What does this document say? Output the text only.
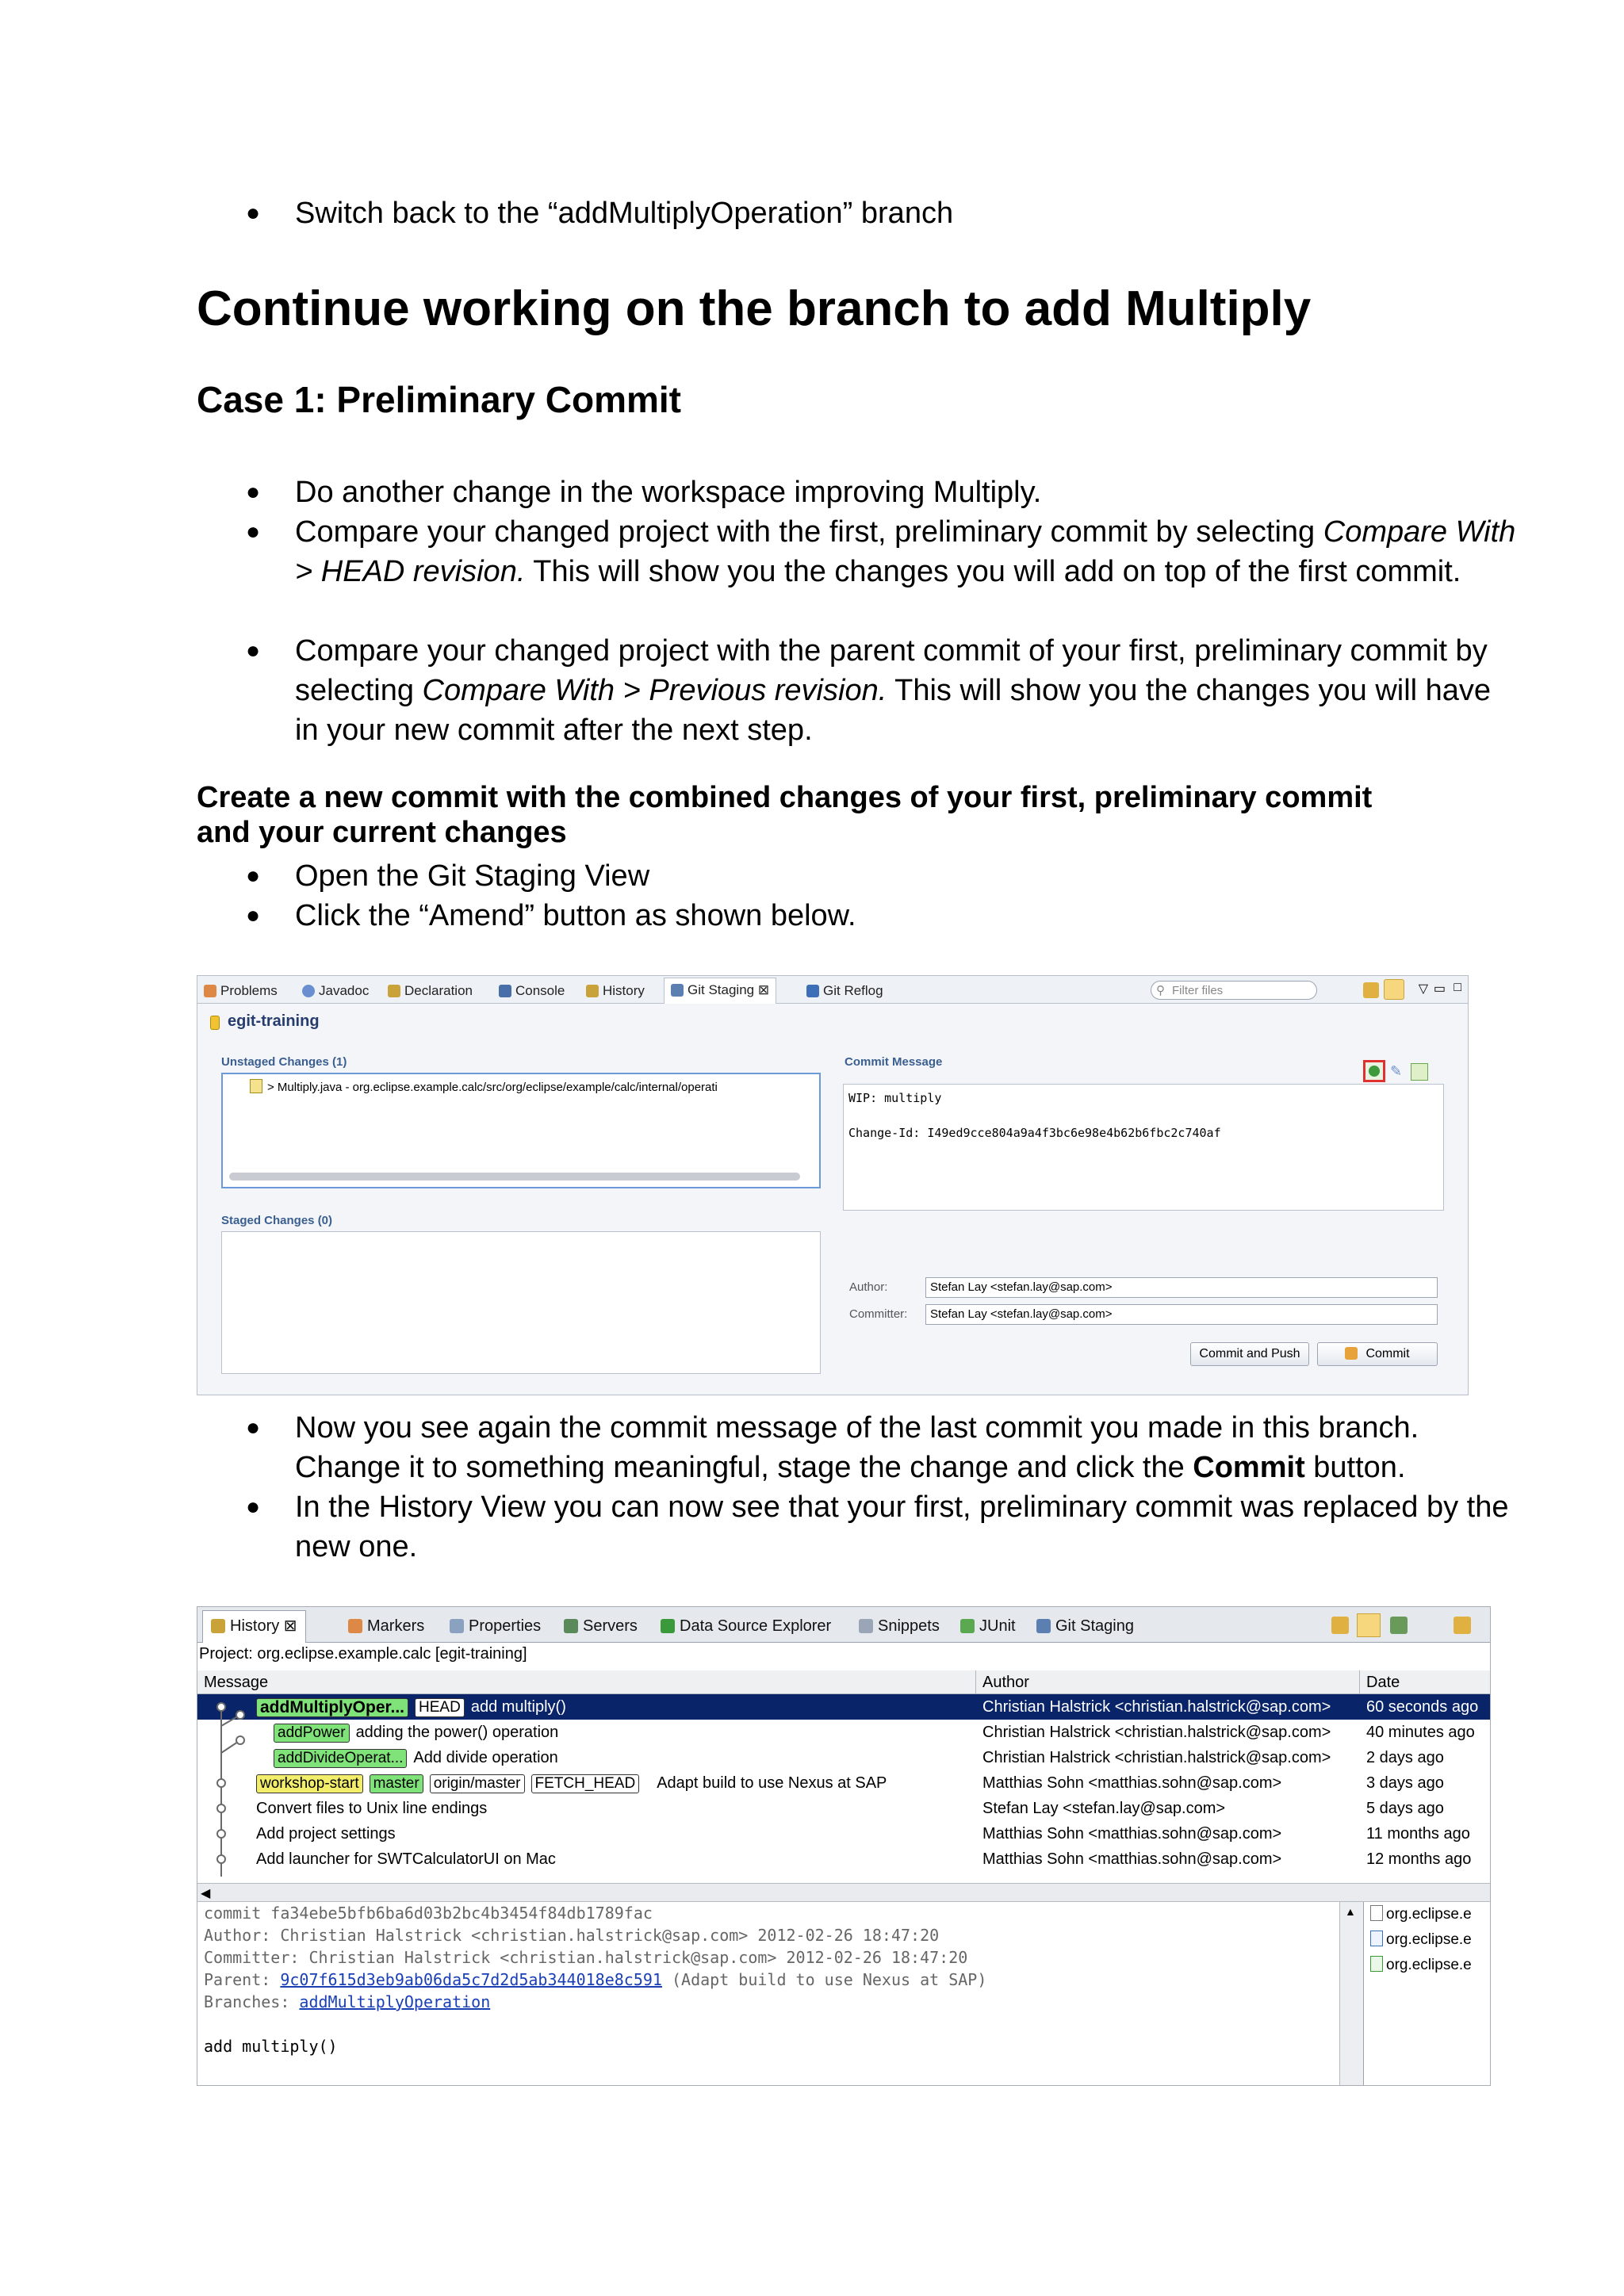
● Switch back to the “addMultiplyOperation” branch
Continue working on the branch to add Multiply
Case 1: Preliminary Commit
● Do another change in the workspace improving Multiply.
● Compare your changed project with the first, preliminary commit by selecting Compare With > HEAD revision. This will show you the changes you will add on top of the first commit.
● Compare your changed project with the parent commit of your first, preliminary commit by selecting Compare With > Previous revision. This will show you the changes you will have in your new commit after the next step.
Create a new commit with the combined changes of your first, preliminary commit and your current changes
● Open the Git Staging View
● Click the “Amend” button as shown below.
Problems	Javadoc	Declaration	Console	History	Git Staging ⊠	Git Reflog	⚲ Filter files	▽ ▭ □
egit-training
Unstaged Changes (1)
> Multiply.java - org.eclipse.example.calc/src/org/eclipse/example/calc/internal/operati
Staged Changes (0)
Commit Message
✎
WIP: multiply
Change-Id: I49ed9cce804a9a4f3bc6e98e4b62b6fbc2c740af
Author:	Stefan Lay <stefan.lay@sap.com>
Committer:	Stefan Lay <stefan.lay@sap.com>
Commit and Push	Commit
● Now you see again the commit message of the last commit you made in this branch. Change it to something meaningful, stage the change and click the Commit button.
● In the History View you can now see that your first, preliminary commit was replaced by the new one.
History ⊠	Markers	Properties	Servers	Data Source Explorer	Snippets	JUnit	Git Staging
Project: org.eclipse.example.calc [egit-training]
Message	Author	Date
addMultiplyOper... HEAD add multiply()	Christian Halstrick <christian.halstrick@sap.com> 60 seconds ago
addPower adding the power() operation	Christian Halstrick <christian.halstrick@sap.com> 40 minutes ago
addDivideOperat... Add divide operation	Christian Halstrick <christian.halstrick@sap.com> 2 days ago
workshop-start master origin/master FETCH_HEAD Adapt build to use Nexus at SAP	Matthias Sohn <matthias.sohn@sap.com>	3 days ago
Convert files to Unix line endings	Stefan Lay <stefan.lay@sap.com>	5 days ago
Add project settings	Matthias Sohn <matthias.sohn@sap.com>	11 months ago
Add launcher for SWTCalculatorUI on Mac	Matthias Sohn <matthias.sohn@sap.com>	12 months ago
◀
commit fa34ebe5bfb6ba6d03b2bc4b3454f84db1789fac
Author: Christian Halstrick <christian.halstrick@sap.com> 2012-02-26 18:47:20
Committer: Christian Halstrick <christian.halstrick@sap.com> 2012-02-26 18:47:20
Parent: 9c07f615d3eb9ab06da5c7d2d5ab344018e8c591 (Adapt build to use Nexus at SAP)
Branches: addMultiplyOperation
add multiply()
▲	org.eclipse.e
org.eclipse.e
org.eclipse.e
